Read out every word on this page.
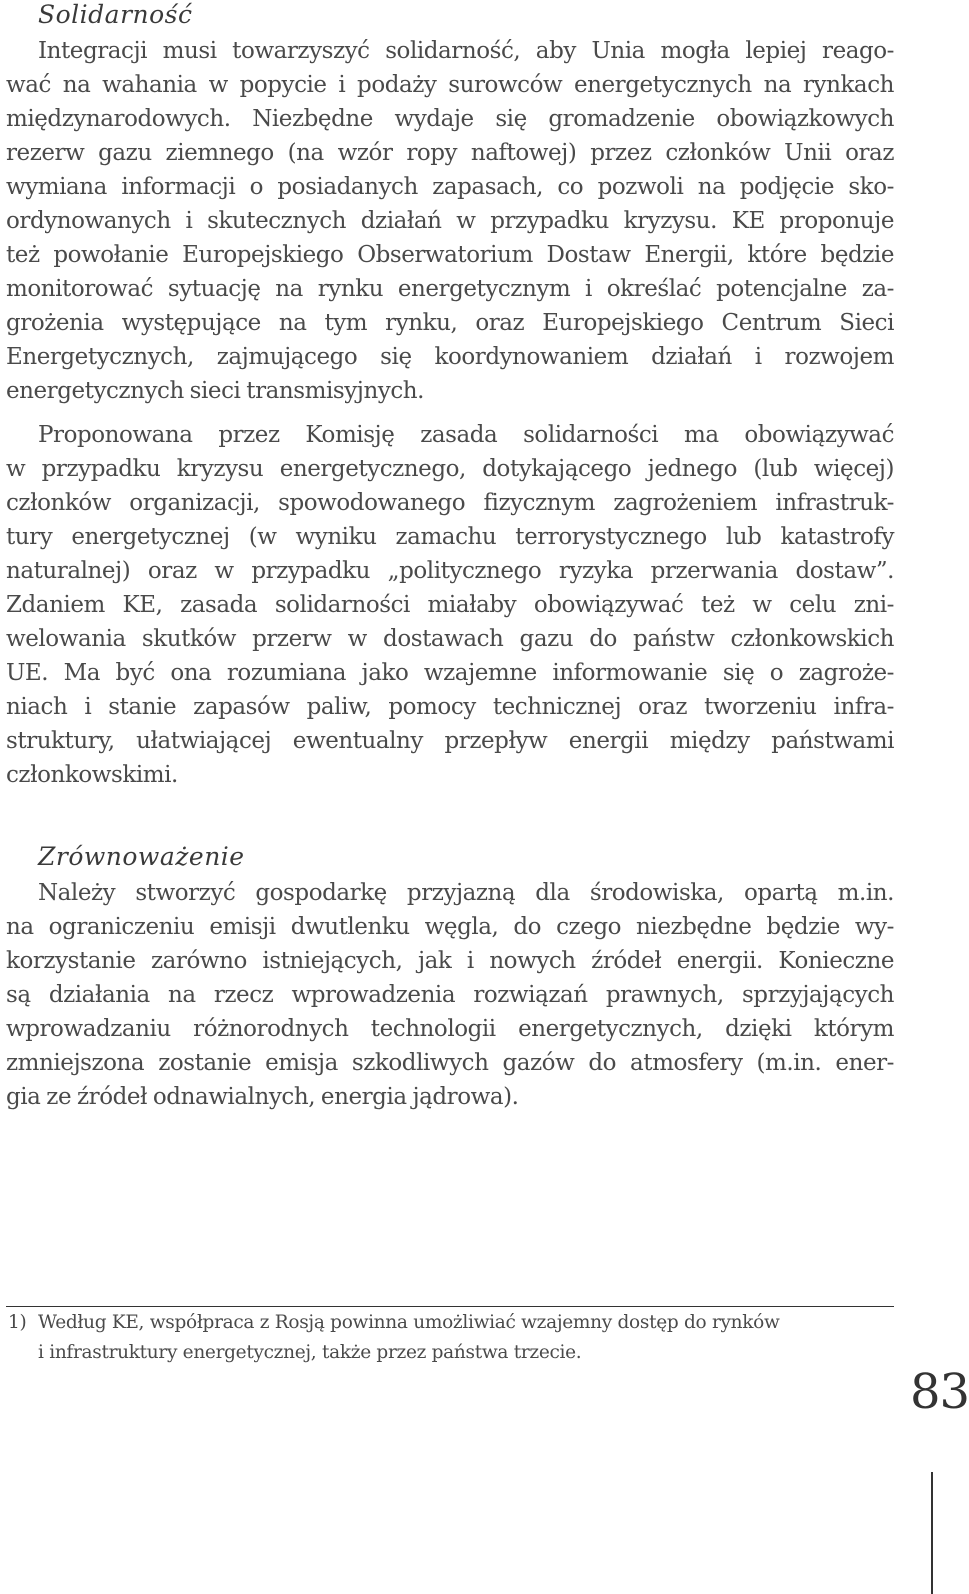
Solidarność
Integracji musi towarzyszyć solidarność, aby Unia mogła lepiej reago-
wać na wahania w popycie i podaży surowców energetycznych na rynkach
międzynarodowych. Niezbędne wydaje się gromadzenie obowiązkowych
rezerw gazu ziemnego (na wzór ropy naftowej) przez członków Unii oraz
wymiana informacji o posiadanych zapasach, co pozwoli na podjęcie sko-
ordynowanych i skutecznych działań w przypadku kryzysu. KE proponuje
też powołanie Europejskiego Obserwatorium Dostaw Energii, które będzie
monitorować sytuację na rynku energetycznym i określać potencjalne za-
grożenia występujące na tym rynku, oraz Europejskiego Centrum Sieci
Energetycznych, zajmującego się koordynowaniem działań i rozwojem
energetycznych sieci transmisyjnych.
Proponowana przez Komisję zasada solidarności ma obowiązywać
w przypadku kryzysu energetycznego, dotykającego jednego (lub więcej)
członków organizacji, spowodowanego fizycznym zagrożeniem infrastruk-
tury energetycznej (w wyniku zamachu terrorystycznego lub katastrofy
naturalnej) oraz w przypadku „politycznego ryzyka przerwania dostaw”.
Zdaniem KE, zasada solidarności miałaby obowiązywać też w celu zni-
welowania skutków przerw w dostawach gazu do państw członkowskich
UE. Ma być ona rozumiana jako wzajemne informowanie się o zagroże-
niach i stanie zapasów paliw, pomocy technicznej oraz tworzeniu infra-
struktury, ułatwiającej ewentualny przepływ energii między państwami
członkowskimi.
Zrównoważenie
Należy stworzyć gospodarkę przyjazną dla środowiska, opartą m.in.
na ograniczeniu emisji dwutlenku węgla, do czego niezbędne będzie wy-
korzystanie zarówno istniejących, jak i nowych źródeł energii. Konieczne
są działania na rzecz wprowadzenia rozwiązań prawnych, sprzyjających
wprowadzaniu różnorodnych technologii energetycznych, dzięki którym
zmniejszona zostanie emisja szkodliwych gazów do atmosfery (m.in. ener-
gia ze źródeł odnawialnych, energia jądrowa).
1) Według KE, współpraca z Rosją powinna umożliwiać wzajemny dostęp do rynków
i infrastruktury energetycznej, także przez państwa trzecie.
83
